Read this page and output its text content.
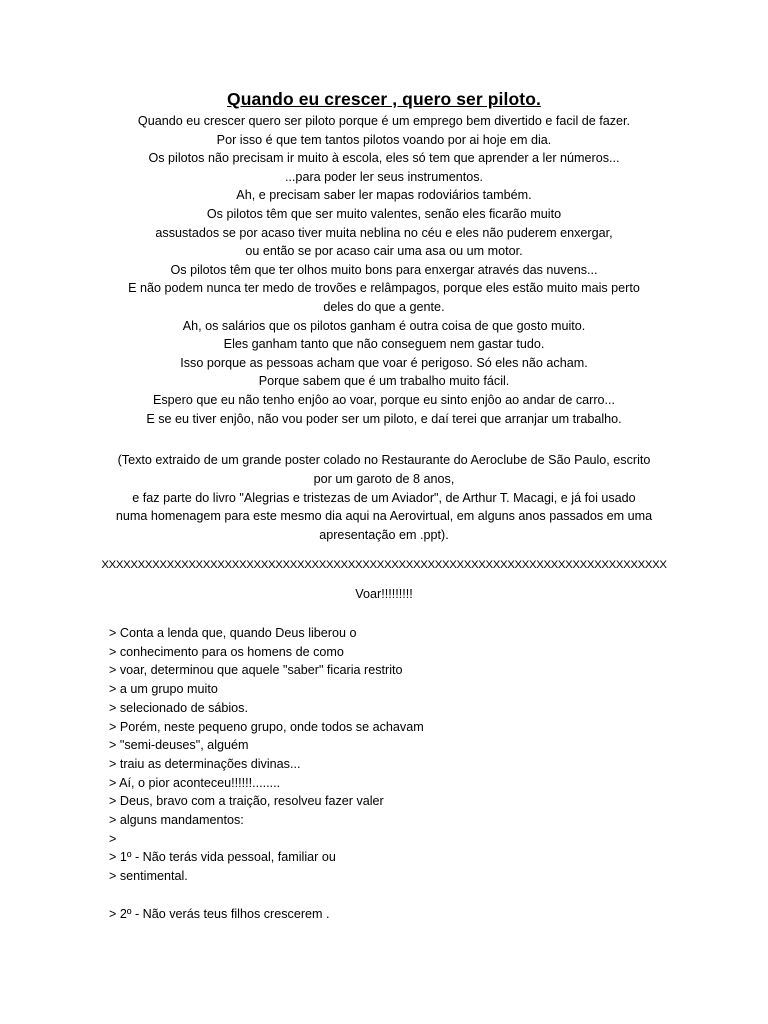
Quando eu crescer , quero ser piloto.
Quando eu crescer quero ser piloto porque é um emprego bem divertido e facil de fazer.
Por isso é que tem tantos pilotos voando por ai hoje em dia.
Os pilotos não precisam ir muito à escola, eles só tem que aprender a ler números...
...para poder ler seus instrumentos.
Ah, e precisam saber ler mapas rodoviários também.
Os pilotos têm que ser muito valentes, senão eles ficarão muito
assustados se por acaso tiver muita neblina no céu e eles não puderem enxergar,
ou então se por acaso cair uma asa ou um motor.
Os pilotos têm que ter olhos muito bons para enxergar através das nuvens...
E não podem nunca ter medo de trovões e relâmpagos, porque eles estão muito mais perto
deles do que a gente.
Ah, os salários que os pilotos ganham é outra coisa de que gosto muito.
Eles ganham tanto que não conseguem nem gastar tudo.
Isso porque as pessoas acham que voar é perigoso. Só eles não acham.
Porque sabem que é um trabalho muito fácil.
Espero que eu não tenho enjôo ao voar, porque eu sinto enjôo ao andar de carro...
E se eu tiver enjôo, não vou poder ser um piloto, e daí terei que arranjar um trabalho.
(Texto extraido de um grande poster colado no Restaurante do Aeroclube de São Paulo, escrito
por um garoto de 8 anos,
e faz parte do livro "Alegrias e tristezas de um Aviador", de Arthur T. Macagi, e já foi usado
numa homenagem para este mesmo dia aqui na Aerovirtual, em alguns anos passados em uma
apresentação em .ppt).
XXXXXXXXXXXXXXXXXXXXXXXXXXXXXXXXXXXXXXXXXXXXXXXXXXXXXXXXXXXXXXXXXXXXXXXXXXXXXX
Voar!!!!!!!!!
> Conta a lenda que, quando Deus liberou o
> conhecimento para os homens de como
> voar, determinou que aquele "saber" ficaria restrito
> a um grupo muito
> selecionado de sábios.
> Porém, neste pequeno grupo, onde todos se achavam
> "semi-deuses", alguém
> traiu as determinações divinas...
> Aí, o pior aconteceu!!!!!!........
> Deus, bravo com a traição, resolveu fazer valer
> alguns mandamentos:
>
> 1º - Não terás vida pessoal, familiar ou
> sentimental.
> 2º - Não verás teus filhos crescerem .
